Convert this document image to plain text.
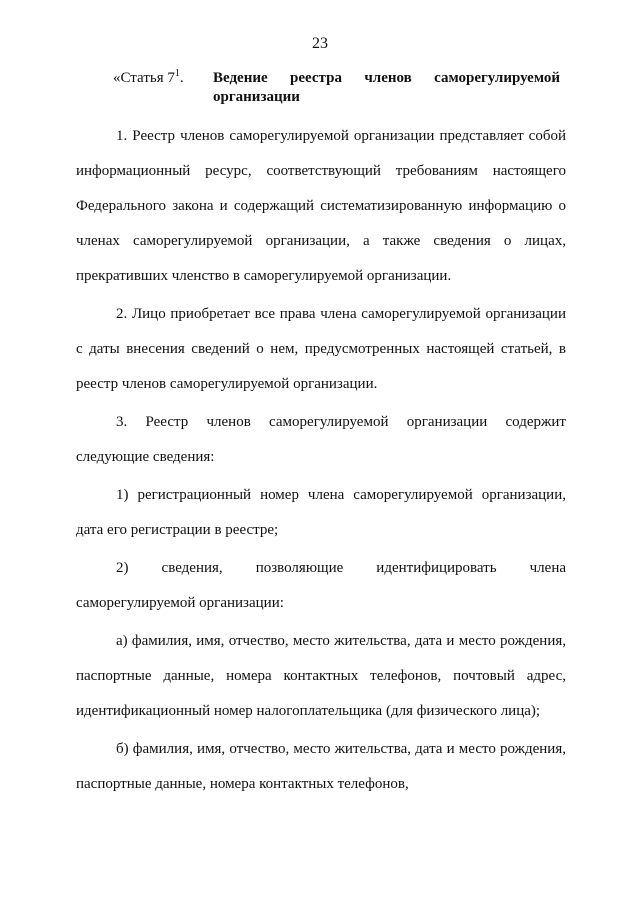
23
«Статья $7^1$. Ведение реестра членов саморегулируемой организации

1. Реестр членов саморегулируемой организации представляет собой информационный ресурс, соответствующий требованиям настоящего Федерального закона и содержащий систематизированную информацию о членах саморегулируемой организации, а также сведения о лицах, прекративших членство в саморегулируемой организации.

2. Лицо приобретает все права члена саморегулируемой организации с даты внесения сведений о нем, предусмотренных настоящей статьей, в реестр членов саморегулируемой организации.

3. Реестр членов саморегулируемой организации содержит следующие сведения:

1) регистрационный номер члена саморегулируемой организации, дата его регистрации в реестре;

2) сведения, позволяющие идентифицировать члена саморегулируемой организации:

а) фамилия, имя, отчество, место жительства, дата и место рождения, паспортные данные, номера контактных телефонов, почтовый адрес, идентификационный номер налогоплательщика (для физического лица);

б) фамилия, имя, отчество, место жительства, дата и место рождения, паспортные данные, номера контактных телефонов,
